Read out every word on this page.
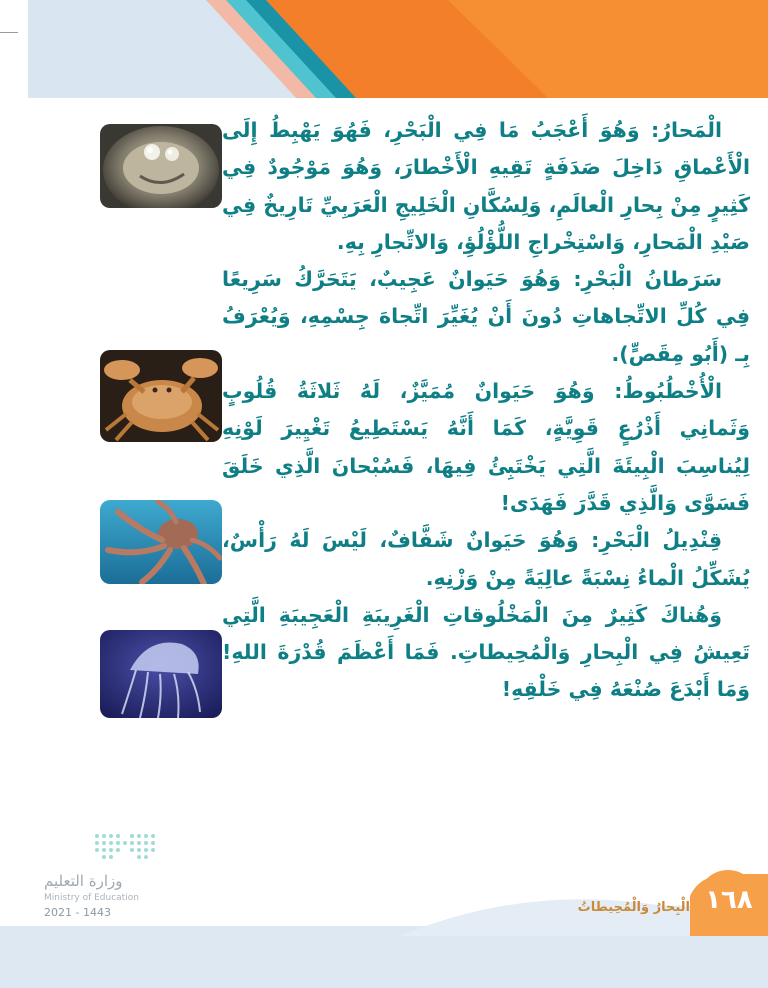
الْمَحارُ: وَهُوَ أَعْجَبُ مَا فِي الْبَحْرِ، فَهُوَ يَهْبِطُ إِلَى الْأَعْماقِ دَاخِلَ صَدَفَةٍ تَقِيهِ الْأَخْطارَ، وَهُوَ مَوْجُودٌ فِي كَثِيرٍ مِنْ بِحارِ الْعالَمِ، وَلِسُكَّانِ الْخَلِيجِ الْعَرَبِيِّ تَارِيخٌ فِي صَيْدِ الْمَحارِ، وَاسْتِخْراجِ اللُّؤْلُؤِ، وَالاتِّجارِ بِهِ.

سَرَطانُ الْبَحْرِ: وَهُوَ حَيَوانٌ عَجِيبٌ، يَتَحَرَّكُ سَرِيعًا فِي كُلِّ الاتِّجاهاتِ دُونَ أَنْ يُغَيِّرَ اتِّجاهَ جِسْمِهِ، وَيُعْرَفُ بِـ (أَبُو مِقَصٍّ).

الْأُخْطُبُوطُ: وَهُوَ حَيَوانٌ مُمَيَّزٌ، لَهُ ثَلاثَةُ قُلُوبٍ وَثَمانِي أَذْرُعٍ قَوِيَّةٍ، كَمَا أَنَّهُ يَسْتَطِيعُ تَغْيِيرَ لَوْنِهِ لِيُناسِبَ الْبِيئَةَ الَّتِي يَخْتَبِئُ فِيهَا، فَسُبْحانَ الَّذِي خَلَقَ فَسَوَّى وَالَّذِي قَدَّرَ فَهَدَى!

قِنْدِيلُ الْبَحْرِ: وَهُوَ حَيَوانٌ شَفَّافٌ، لَيْسَ لَهُ رَأْسٌ، يُشَكِّلُ الْماءُ نِسْبَةً عالِيَةً مِنْ وَزْنِهِ.

وَهُناكَ كَثِيرٌ مِنَ الْمَخْلُوقاتِ الْغَرِيبَةِ الْعَجِيبَةِ الَّتِي تَعِيشُ فِي الْبِحارِ وَالْمُحِيطاتِ. فَمَا أَعْظَمَ قُدْرَةَ اللهِ! وَمَا أَبْدَعَ صُنْعَهُ فِي خَلْقِهِ!

١٦٨
الْبِحارُ وَالْمُحِيطاتُ
وزارة التعليم
Ministry of Education
2021 - 1443
